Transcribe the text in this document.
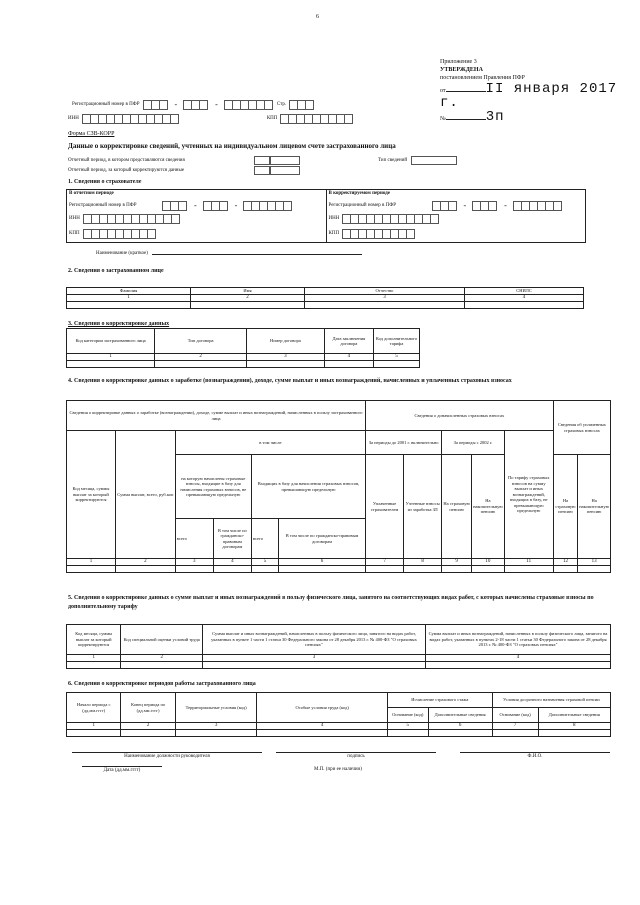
6
Приложение 3
УТВЕРЖДЕНА
постановлением Правления ПФР
от	II января 2017 г.
№	3п
Регистрационный номер в ПФР	-	-	Стр.
ИНН	КПП
Форма СЗВ-КОРР
Данные о корректировке сведений, учтенных на индивидуальном лицевом счете застрахованного лица
Отчетный период, в котором представляются сведения	Тип сведений
Отчетный период, за который корректируются данные
1. Сведения о страхователе
В отчетном периоде
Регистрационный номер в ПФР	-	-
ИНН
КПП
В корректируемом периоде
Регистрационный номер в ПФР	-	-
ИНН
КПП
Наименование (краткое)
2. Сведения о застрахованном лице
Фамилия	Имя	Отчество	СНИЛС
1	2	3	4

3. Сведения о корректировке данных
Код категории застрахованного лица	Тип договора	Номер договора	Дата заключения договора	Код дополнительного тарифа
1	2	3	4	5

4. Сведения о корректировке данных о заработке (вознаграждении), доходе, сумме выплат и иных вознаграждений, начисленных и уплаченных страховых взносах
Сведения о корректировке данных о заработке (вознаграждении), доходе, сумме выплат и иных вознаграждений, начисленных в пользу застрахованного лица						Сведения о доначисленных страховых взносах					Сведения об уплаченных страховых взносах	
Код месяца, суммы выплат за который корректируются	Сумма выплат, всего, руб.коп	в том числе				За периоды до 2001 г. включительно		За периоды с 2002 г.		По тарифу страховых взносов на сумму выплат и иных вознаграждений, входящих в базу, не превышающую предельную		
		на которую начислены страховые взносы, входящие в базу для начисления страховых взносов, не превышающую предельную		Входящих в базу для начисления страховых взносов, превышающую предельную		Уплаченные страхователем	Учтенные взносы из заработка ЗЛ	На страховую пенсию	На накопительную пенсию		На страховую пенсию	На накопительную пенсию
		всего	В том числе по гражданско-правовым договорам	всего	В том числе по гражданско-правовым договорам							
1	2	3	4	5	6	7	8	9	10	11	12	13

5. Сведения о корректировке данных о сумме выплат и иных вознаграждений в пользу физического лица, занятого на соответствующих видах работ, с которых начислены страховые взносы по дополнительному тарифу
Код месяца, суммы выплат за который корректируются	Код специальной оценки условий труда	Сумма выплат и иных вознаграждений, начисленных в пользу физического лица, занятого на видах работ, указанных в пункте 1 части 1 статьи 30 Федерального закона от 28 декабря 2013 г. № 400-ФЗ "О страховых пенсиях"	Сумма выплат и иных вознаграждений, начисленных в пользу физического лица, занятого на видах работ, указанных в пунктах 2-18 части 1 статьи 30 Федерального закона от 28 декабря 2013 г. № 400-ФЗ "О страховых пенсиях"
1	2	3	4

6. Сведения о корректировке периодов работы застрахованного лица
Начало периода с (дд.мм.гггг)	Конец периода по (дд.мм.гггг)	Территориальные условия (код)	Особые условия труда (код)	Исчисление страхового стажа		Условия досрочного назначения страховой пенсии	
				Основание (код)	Дополнительные сведения	Основание (код)	Дополнительные сведения
1	2	3	4	5	6	7	8

Наименование должности руководителя	подпись	Ф.И.О.
Дата (дд.мм.гггг)	М.П. (при ее наличии)
